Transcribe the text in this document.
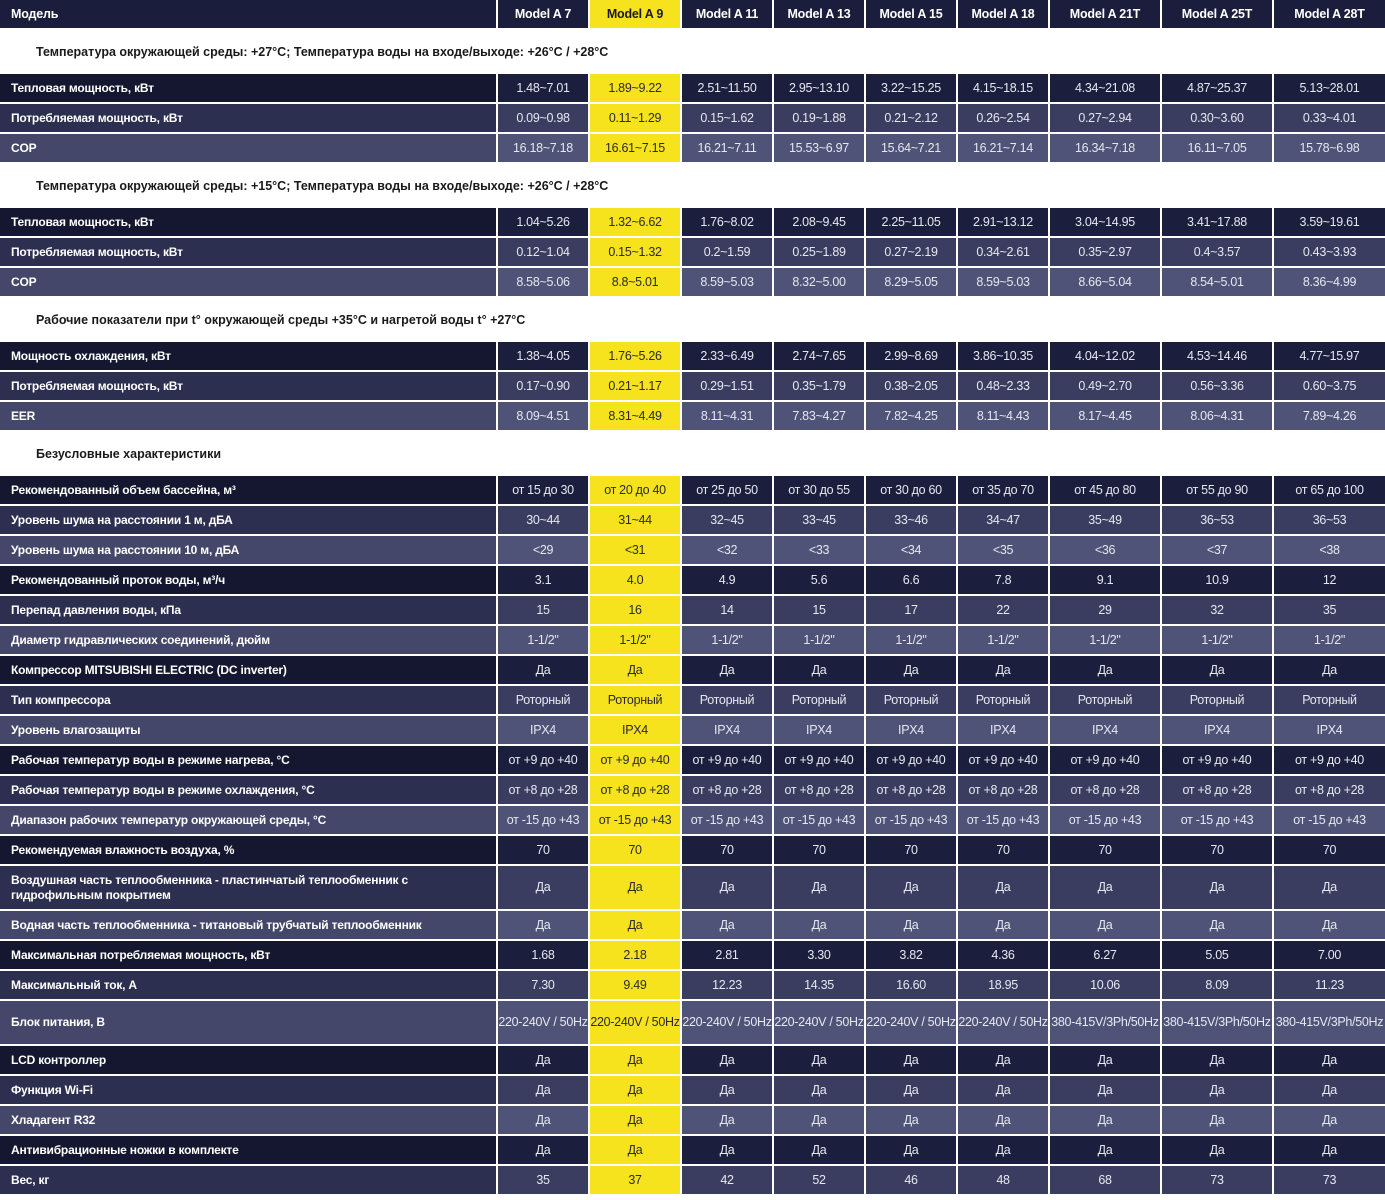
Модель	Model A 7	Model A 9	Model A 11	Model A 13	Model A 15	Model A 18	Model A 21T	Model A 25T	Model A 28T
Температура окружающей среды: +27°C; Температура воды на входе/выходе: +26°C / +28°C									
Тепловая мощность, кВт	1.48~7.01	1.89~9.22	2.51~11.50	2.95~13.10	3.22~15.25	4.15~18.15	4.34~21.08	4.87~25.37	5.13~28.01
Потребляемая мощность, кВт	0.09~0.98	0.11~1.29	0.15~1.62	0.19~1.88	0.21~2.12	0.26~2.54	0.27~2.94	0.30~3.60	0.33~4.01
COP	16.18~7.18	16.61~7.15	16.21~7.11	15.53~6.97	15.64~7.21	16.21~7.14	16.34~7.18	16.11~7.05	15.78~6.98
Температура окружающей среды: +15°C; Температура воды на входе/выходе: +26°C / +28°C									
Тепловая мощность, кВт	1.04~5.26	1.32~6.62	1.76~8.02	2.08~9.45	2.25~11.05	2.91~13.12	3.04~14.95	3.41~17.88	3.59~19.61
Потребляемая мощность, кВт	0.12~1.04	0.15~1.32	0.2~1.59	0.25~1.89	0.27~2.19	0.34~2.61	0.35~2.97	0.4~3.57	0.43~3.93
COP	8.58~5.06	8.8~5.01	8.59~5.03	8.32~5.00	8.29~5.05	8.59~5.03	8.66~5.04	8.54~5.01	8.36~4.99
Рабочие показатели при t° окружающей среды +35°C и нагретой воды t° +27°C									
Мощность охлаждения, кВт	1.38~4.05	1.76~5.26	2.33~6.49	2.74~7.65	2.99~8.69	3.86~10.35	4.04~12.02	4.53~14.46	4.77~15.97
Потребляемая мощность, кВт	0.17~0.90	0.21~1.17	0.29~1.51	0.35~1.79	0.38~2.05	0.48~2.33	0.49~2.70	0.56~3.36	0.60~3.75
EER	8.09~4.51	8.31~4.49	8.11~4.31	7.83~4.27	7.82~4.25	8.11~4.43	8.17~4.45	8.06~4.31	7.89~4.26
Безусловные характеристики									
Рекомендованный объем бассейна, м³	от 15 до 30	от 20 до 40	от 25 до 50	от 30 до 55	от 30 до 60	от 35 до 70	от 45 до 80	от 55 до 90	от 65 до 100
Уровень шума на расстоянии 1 м, дБА	30~44	31~44	32~45	33~45	33~46	34~47	35~49	36~53	36~53
Уровень шума на расстоянии 10 м, дБА	<29	<31	<32	<33	<34	<35	<36	<37	<38
Рекомендованный проток воды, м³/ч	3.1	4.0	4.9	5.6	6.6	7.8	9.1	10.9	12
Перепад давления воды, кПа	15	16	14	15	17	22	29	32	35
Диаметр гидравлических соединений, дюйм	1-1/2"	1-1/2"	1-1/2"	1-1/2"	1-1/2"	1-1/2"	1-1/2"	1-1/2"	1-1/2"
Компрессор MITSUBISHI ELECTRIC (DC inverter)	Да	Да	Да	Да	Да	Да	Да	Да	Да
Тип компрессора	Роторный	Роторный	Роторный	Роторный	Роторный	Роторный	Роторный	Роторный	Роторный
Уровень влагозащиты	IPX4	IPX4	IPX4	IPX4	IPX4	IPX4	IPX4	IPX4	IPX4
Рабочая температур воды в режиме нагрева, °C	от +9 до +40	от +9 до +40	от +9 до +40	от +9 до +40	от +9 до +40	от +9 до +40	от +9 до +40	от +9 до +40	от +9 до +40
Рабочая температур воды в режиме охлаждения, °C	от +8 до +28	от +8 до +28	от +8 до +28	от +8 до +28	от +8 до +28	от +8 до +28	от +8 до +28	от +8 до +28	от +8 до +28
Диапазон рабочих температур окружающей среды, °C	от -15 до +43	от -15 до +43	от -15 до +43	от -15 до +43	от -15 до +43	от -15 до +43	от -15 до +43	от -15 до +43	от -15 до +43
Рекомендуемая влажность воздуха, %	70	70	70	70	70	70	70	70	70
Воздушная часть теплообменника - пластинчатый теплообменник с гидрофильным покрытием	Да	Да	Да	Да	Да	Да	Да	Да	Да
Водная часть теплообменника - титановый трубчатый теплообменник	Да	Да	Да	Да	Да	Да	Да	Да	Да
Максимальная потребляемая мощность, кВт	1.68	2.18	2.81	3.30	3.82	4.36	6.27	5.05	7.00
Максимальный ток, А	7.30	9.49	12.23	14.35	16.60	18.95	10.06	8.09	11.23
Блок питания, В	220-240V / 50Hz	220-240V / 50Hz	220-240V / 50Hz	220-240V / 50Hz	220-240V / 50Hz	220-240V / 50Hz	380-415V/3Ph/50Hz	380-415V/3Ph/50Hz	380-415V/3Ph/50Hz
LCD контроллер	Да	Да	Да	Да	Да	Да	Да	Да	Да
Функция Wi-Fi	Да	Да	Да	Да	Да	Да	Да	Да	Да
Хладагент R32	Да	Да	Да	Да	Да	Да	Да	Да	Да
Антивибрационные ножки в комплекте	Да	Да	Да	Да	Да	Да	Да	Да	Да
Вес, кг	35	37	42	52	46	48	68	73	73
